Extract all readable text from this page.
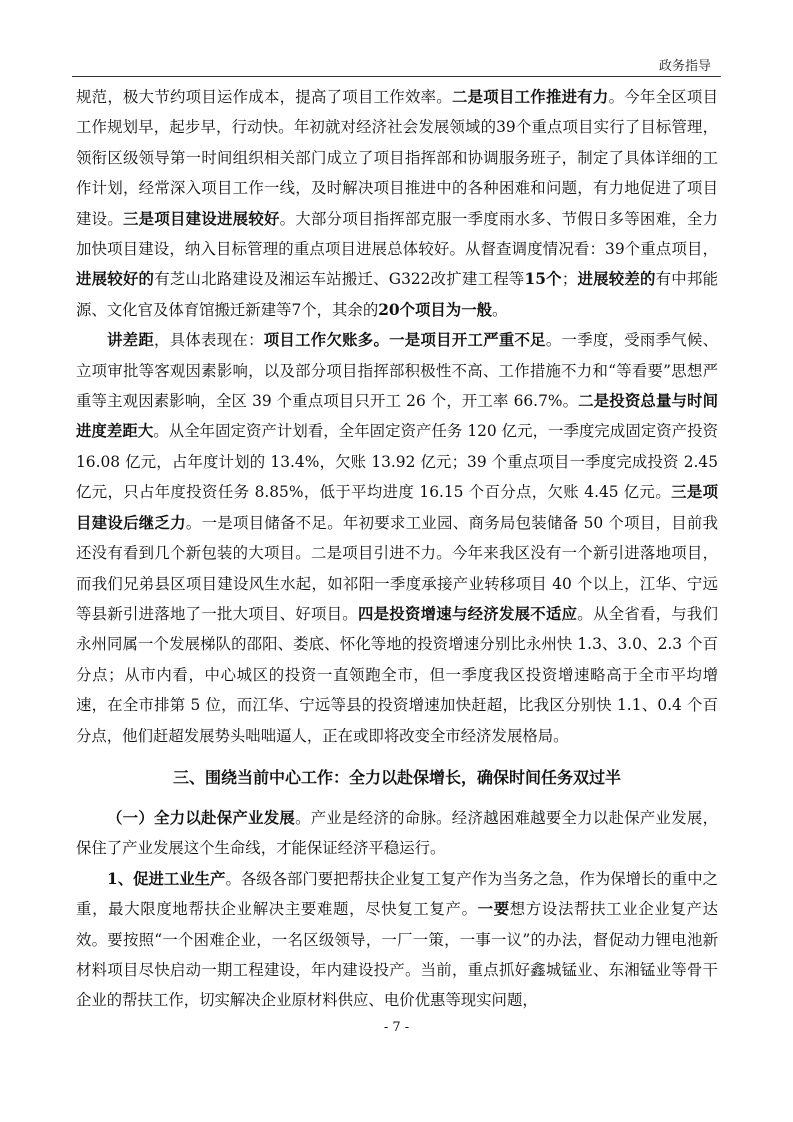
政务指导

规范，极大节约项目运作成本，提高了项目工作效率。二是项目工作推进有力。今年全区项目工作规划早，起步早，行动快。年初就对经济社会发展领域的39个重点项目实行了目标管理，领衔区级领导第一时间组织相关部门成立了项目指挥部和协调服务班子，制定了具体详细的工作计划，经常深入项目工作一线，及时解决项目推进中的各种困难和问题，有力地促进了项目建设。三是项目建设进展较好。大部分项目指挥部克服一季度雨水多、节假日多等困难，全力加快项目建设，纳入目标管理的重点项目进展总体较好。从督查调度情况看：39个重点项目，进展较好的有芝山北路建设及湘运车站搬迁、G322改扩建工程等15个；进展较差的有中邦能源、文化官及体育馆搬迁新建等7个，其余的20个项目为一般。

讲差距，具体表现在：项目工作欠账多。一是项目开工严重不足。一季度，受雨季气候、立项审批等客观因素影响，以及部分项目指挥部积极性不高、工作措施不力和“等看要”思想严重等主观因素影响，全区 39 个重点项目只开工 26 个，开工率 66.7%。二是投资总量与时间进度差距大。从全年固定资产计划看，全年固定资产任务 120 亿元，一季度完成固定资产投资 16.08 亿元，占年度计划的 13.4%，欠账 13.92 亿元；39 个重点项目一季度完成投资 2.45 亿元，只占年度投资任务 8.85%，低于平均进度 16.15 个百分点，欠账 4.45 亿元。三是项目建设后继乏力。一是项目储备不足。年初要求工业园、商务局包装储备 50 个项目，目前我还没有看到几个新包装的大项目。二是项目引进不力。今年来我区没有一个新引进落地项目，而我们兄弟县区项目建设风生水起，如祁阳一季度承接产业转移项目 40 个以上，江华、宁远等县新引进落地了一批大项目、好项目。四是投资增速与经济发展不适应。从全省看，与我们永州同属一个发展梯队的邵阳、娄底、怀化等地的投资增速分别比永州快 1.3、3.0、2.3 个百分点；从市内看，中心城区的投资一直领跑全市，但一季度我区投资增速略高于全市平均增速，在全市排第 5 位，而江华、宁远等县的投资增速加快赶超，比我区分别快 1.1、0.4 个百分点，他们赶超发展势头咄咄逼人，正在或即将改变全市经济发展格局。

三、围绕当前中心工作：全力以赴保增长，确保时间任务双过半

（一）全力以赴保产业发展。产业是经济的命脉。经济越困难越要全力以赴保产业发展，保住了产业发展这个生命线，才能保证经济平稳运行。

1、促进工业生产。各级各部门要把帮扶企业复工复产作为当务之急，作为保增长的重中之重，最大限度地帮扶企业解决主要难题，尽快复工复产。一要想方设法帮扶工业企业复产达效。要按照“一个困难企业，一名区级领导，一厂一策，一事一议”的办法，督促动力锂电池新材料项目尽快启动一期工程建设，年内建设投产。当前，重点抓好鑫城锰业、东湘锰业等骨干企业的帮扶工作，切实解决企业原材料供应、电价优惠等现实问题，

- 7 -
